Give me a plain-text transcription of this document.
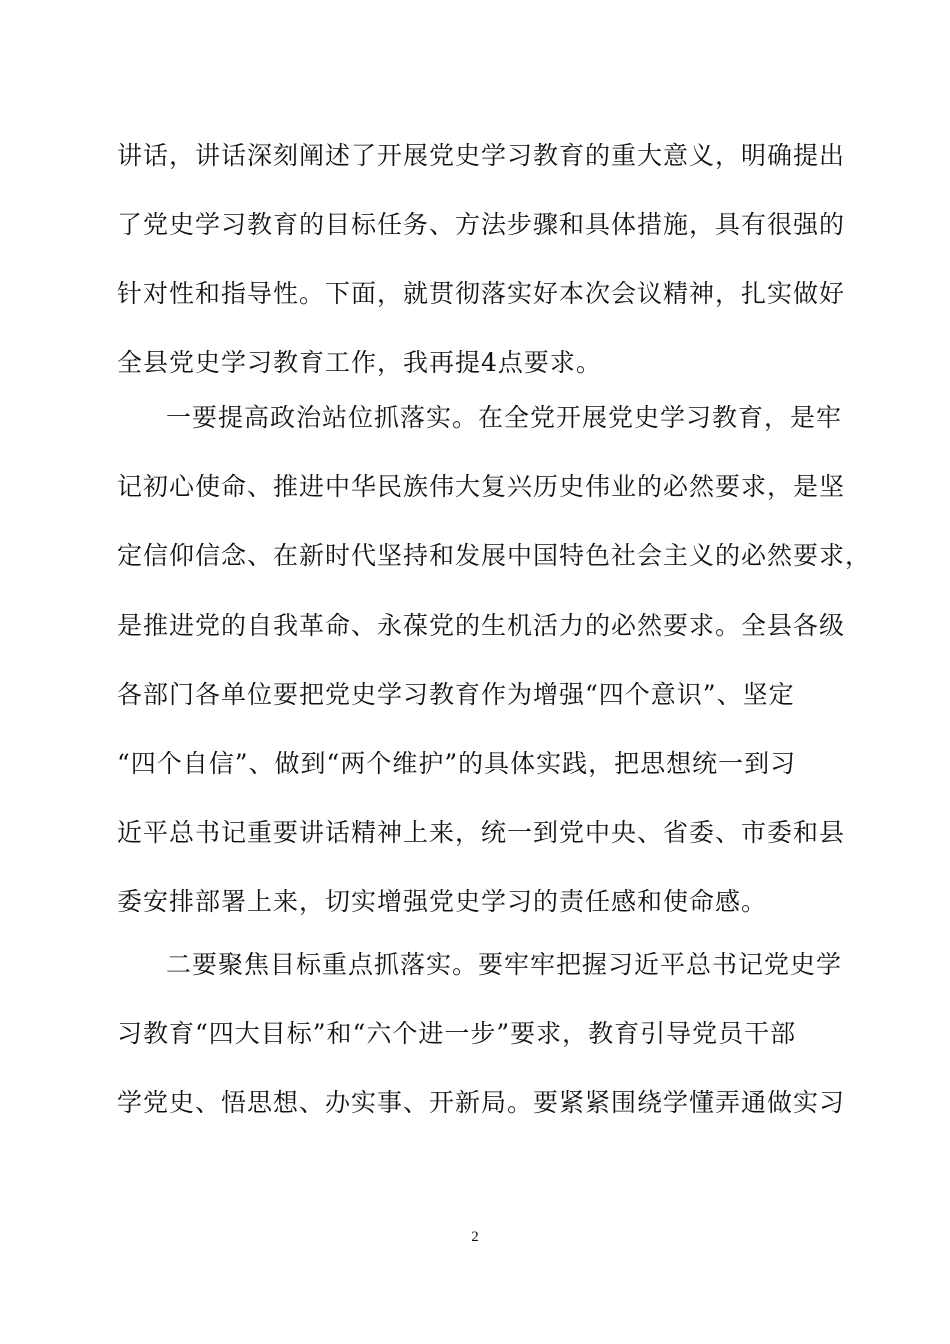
讲话，讲话深刻阐述了开展党史学习教育的重大意义，明确提出
了党史学习教育的目标任务、方法步骤和具体措施，具有很强的
针对性和指导性。下面，就贯彻落实好本次会议精神，扎实做好
全县党史学习教育工作，我再提4点要求。
一要提高政治站位抓落实。在全党开展党史学习教育，是牢
记初心使命、推进中华民族伟大复兴历史伟业的必然要求，是坚
定信仰信念、在新时代坚持和发展中国特色社会主义的必然要求，
是推进党的自我革命、永葆党的生机活力的必然要求。全县各级
各部门各单位要把党史学习教育作为增强“四个意识”、坚定
“四个自信”、做到“两个维护”的具体实践，把思想统一到习
近平总书记重要讲话精神上来，统一到党中央、省委、市委和县
委安排部署上来，切实增强党史学习的责任感和使命感。
二要聚焦目标重点抓落实。要牢牢把握习近平总书记党史学
习教育“四大目标”和“六个进一步”要求，教育引导党员干部
学党史、悟思想、办实事、开新局。要紧紧围绕学懂弄通做实习
2
